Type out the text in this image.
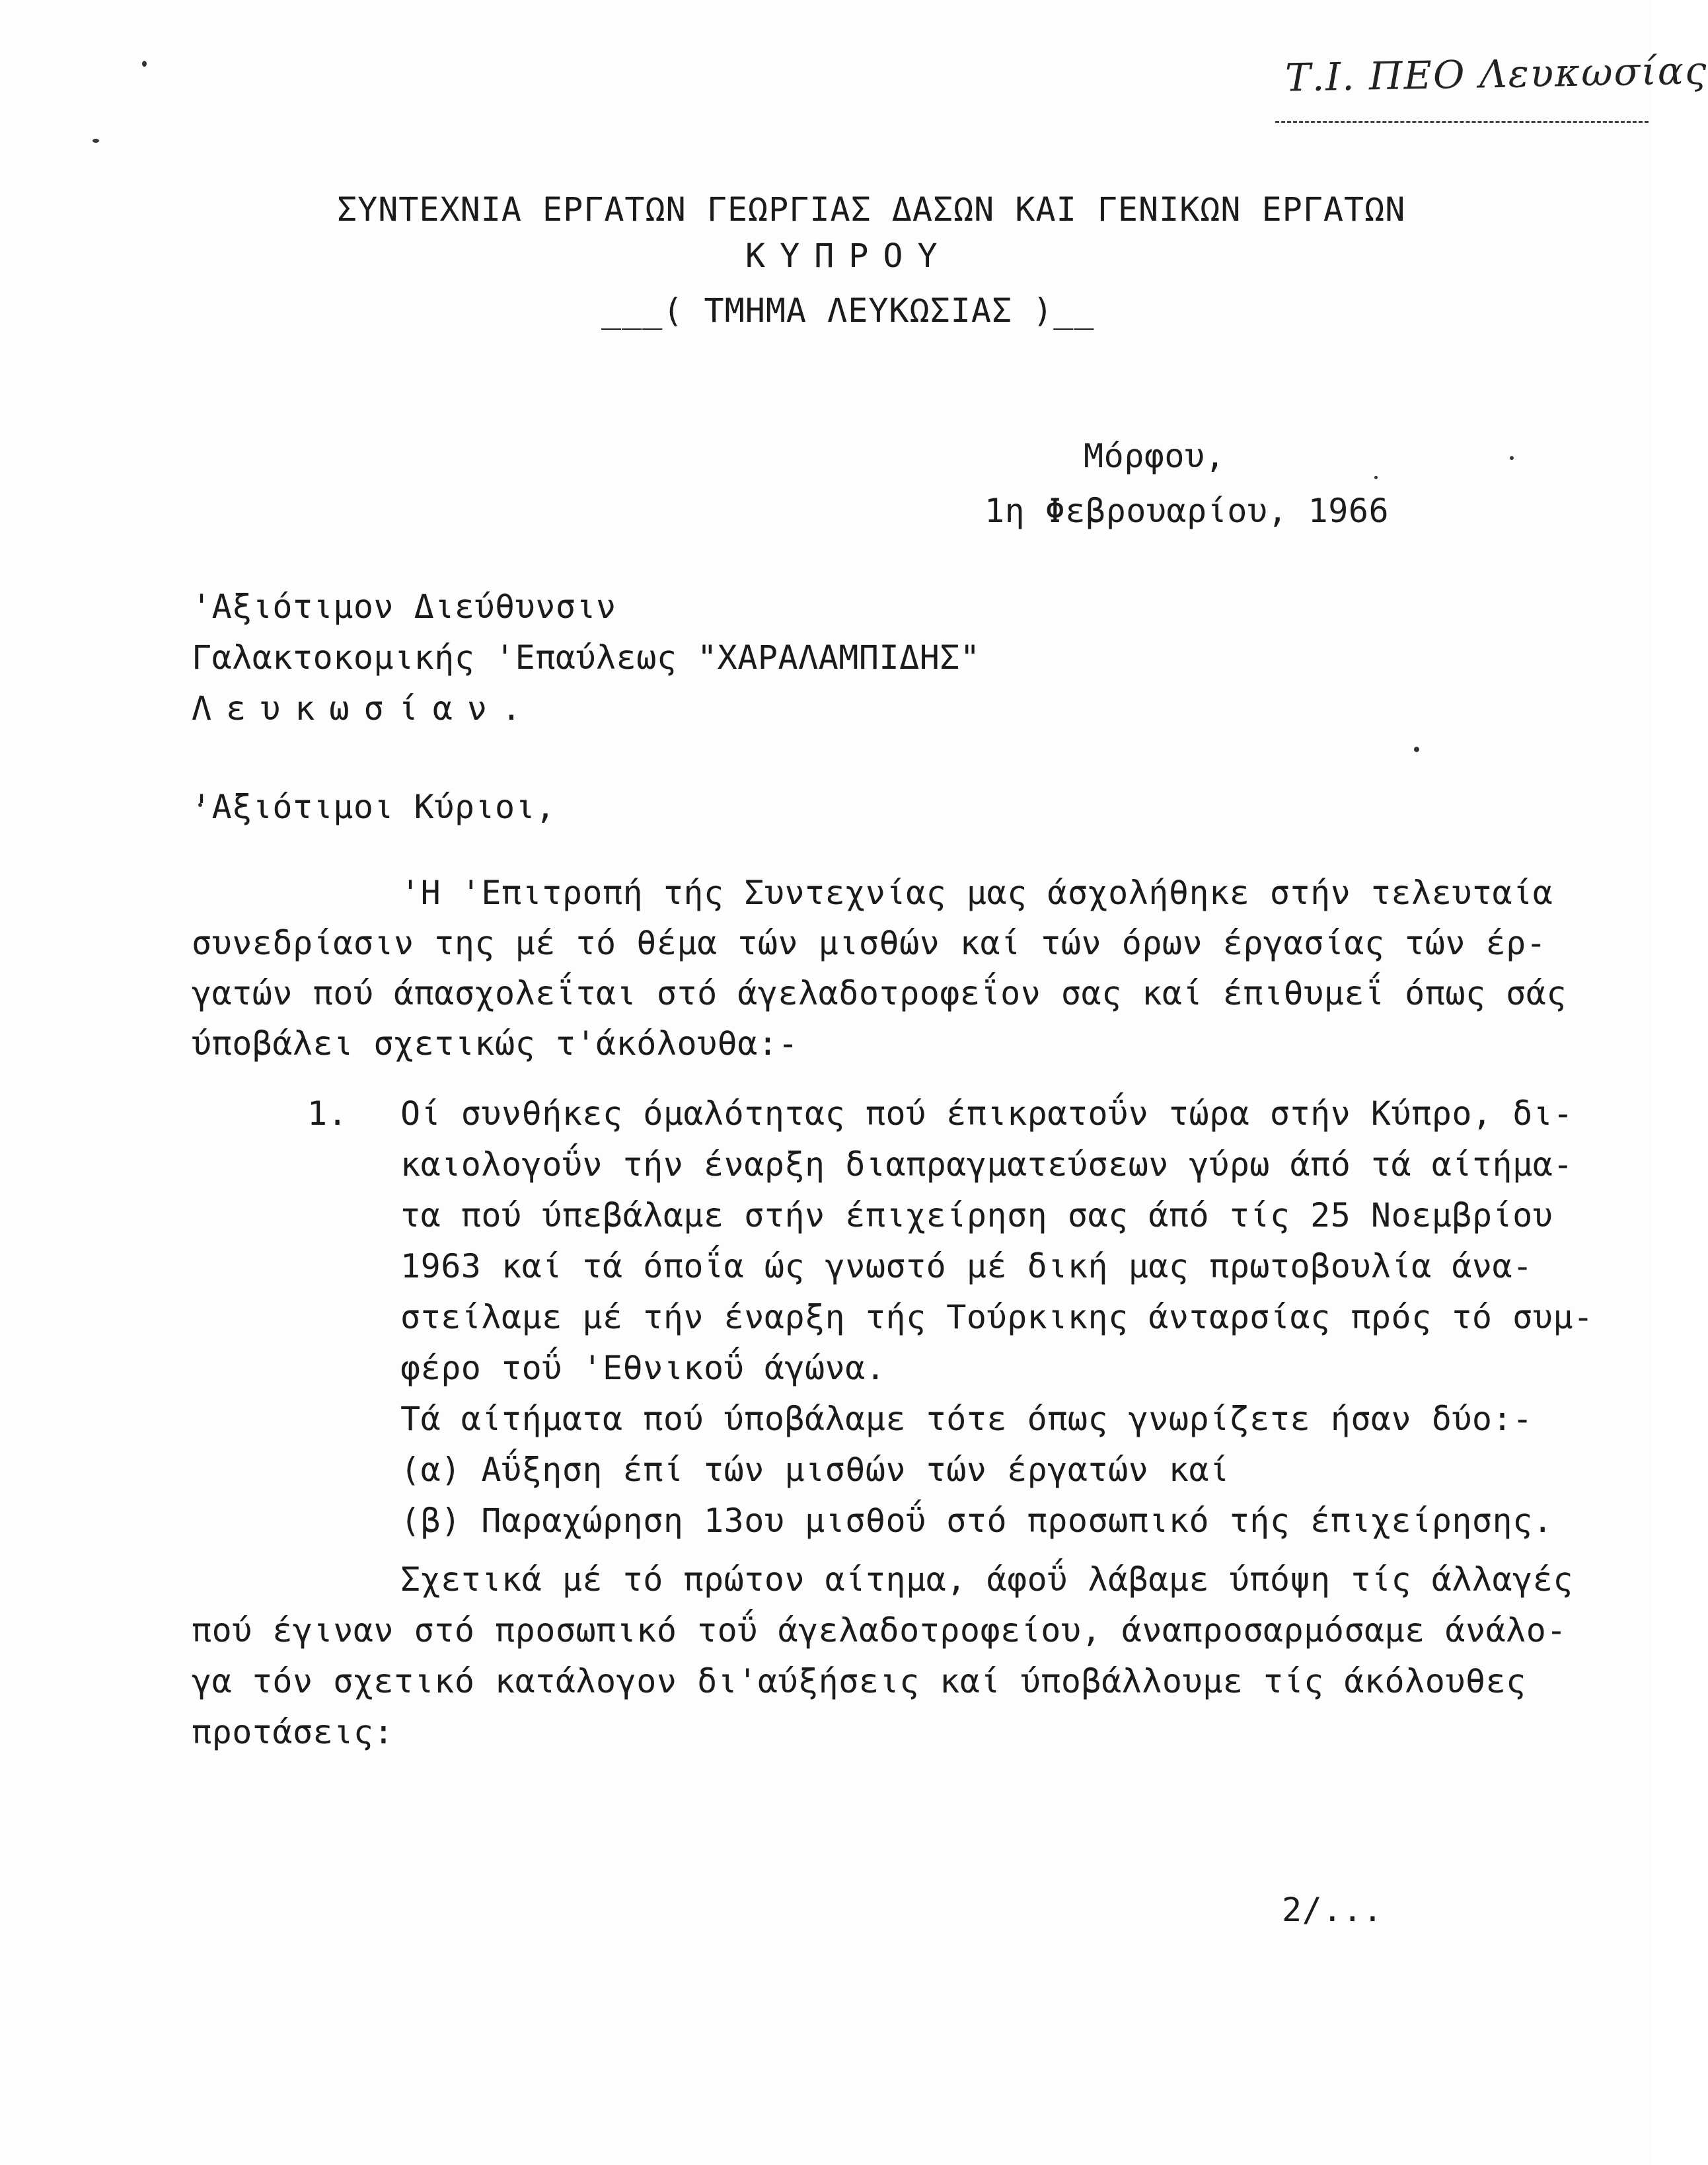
Τ.Ι. ΠΕΟ Λευκωσίας
ΣΥΝΤΕΧΝΙΑ ΕΡΓΑΤΩΝ ΓΕΩΡΓΙΑΣ ΔΑΣΩΝ ΚΑΙ ΓΕΝΙΚΩΝ ΕΡΓΑΤΩΝ
ΚΥΠΡΟΥ
___( ΤΜΗΜΑ ΛΕΥΚΩΣΙΑΣ )__
Μόρφου,
1η Φεβρουαρίου, 1966
'Αξιότιμον Διεύθυνσιν
Γαλακτοκομικής 'Επαύλεως "ΧΑΡΑΛΑΜΠΙΔΗΣ"
Λευκωσίαν.
'Αξιότιμοι Κύριοι,
'Η 'Επιτροπή τής Συντεχνίας μας άσχολήθηκε στήν τελευταία
συνεδρίασιν της μέ τό θέμα τών μισθών καί τών όρων έργασίας τών έρ-
γατών πού άπασχολεΐται στό άγελαδοτροφεΐον σας καί έπιθυμεΐ όπως σάς
ύποβάλει σχετικώς τ'άκόλουθα:-
1. Οί συνθήκες όμαλότητας πού έπικρατοΰν τώρα στήν Κύπρο, δι-
καιολογοΰν τήν έναρξη διαπραγματεύσεων γύρω άπό τά αίτήμα-
τα πού ύπεβάλαμε στήν έπιχείρηση σας άπό τίς 25 Νοεμβρίου
1963 καί τά όποΐα ώς γνωστό μέ δική μας πρωτοβουλία άνα-
στείλαμε μέ τήν έναρξη τής Τούρκικης άνταρσίας πρός τό συμ-
φέρο τοΰ 'Εθνικοΰ άγώνα.
Τά αίτήματα πού ύποβάλαμε τότε όπως γνωρίζετε ήσαν δύο:-
(α) Αΰξηση έπί τών μισθών τών έργατών καί
(β) Παραχώρηση 13ου μισθοΰ στό προσωπικό τής έπιχείρησης.
Σχετικά μέ τό πρώτον αίτημα, άφοΰ λάβαμε ύπόψη τίς άλλαγές
πού έγιναν στό προσωπικό τοΰ άγελαδοτροφείου, άναπροσαρμόσαμε άνάλο-
γα τόν σχετικό κατάλογον δι'αύξήσεις καί ύποβάλλουμε τίς άκόλουθες
προτάσεις:
2/...
